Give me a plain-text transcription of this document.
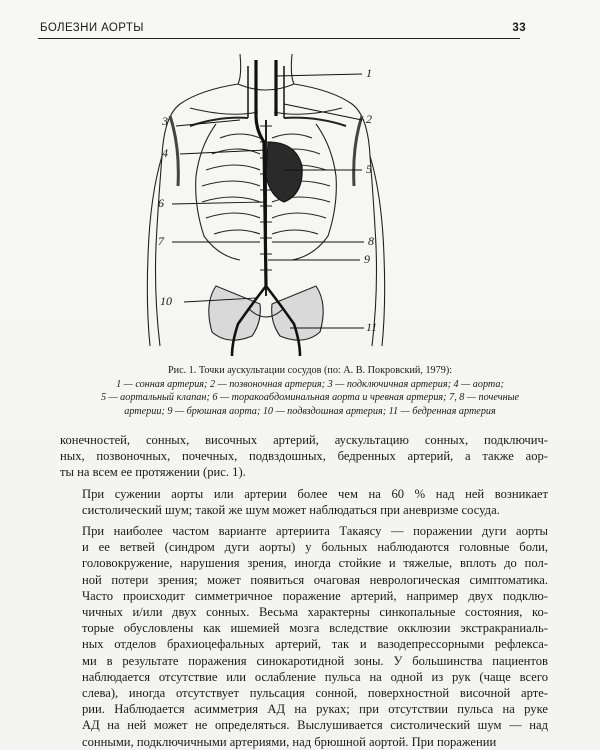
БОЛЕЗНИ АОРТЫ	33
1
2
3
4
5
6
7	8
9
10
11
Рис. 1. Точки аускультации сосудов (по: А. В. Покровский, 1979):
1 — сонная артерия; 2 — позвоночная артерия; 3 — подключичная артерия; 4 — аорта;
5 — аортальный клапан; 6 — торакоабдоминальная аорта и чревная артерия; 7, 8 — почечные
артерии; 9 — брюшная аорта; 10 — подвздошная артерия; 11 — бедренная артерия

конечностей, сонных, височных артерий, аускультацию сонных, подключич-
ных, позвоночных, почечных, подвздошных, бедренных артерий, а также аор-
ты на всем ее протяжении (рис. 1).

При сужении аорты или артерии более чем на 60 % над ней возникает
систолический шум; такой же шум может наблюдаться при аневризме сосуда.

При наиболее частом варианте артериита Такаясу — поражении дуги аорты
и ее ветвей (синдром дуги аорты) у больных наблюдаются головные боли,
головокружение, нарушения зрения, иногда стойкие и тяжелые, вплоть до пол-
ной потери зрения; может появиться очаговая неврологическая симптоматика.
Часто происходит симметричное поражение артерий, например двух подклю-
чичных и/или двух сонных. Весьма характерны синкопальные состояния, ко-
торые обусловлены как ишемией мозга вследствие окклюзии экстракраниаль-
ных отделов брахиоцефальных артерий, так и вазодепрессорными рефлекса-
ми в результате поражения синокаротидной зоны. У большинства пациентов
наблюдается отсутствие или ослабление пульса на одной из рук (чаще всего
слева), иногда отсутствует пульсация сонной, поверхностной височной арте-
рии. Наблюдается асимметрия АД на руках; при отсутствии пульса на руке
АД на ней может не определяться. Выслушивается систолический шум — над
сонными, подключичными артериями, над брюшной аортой. При поражении
